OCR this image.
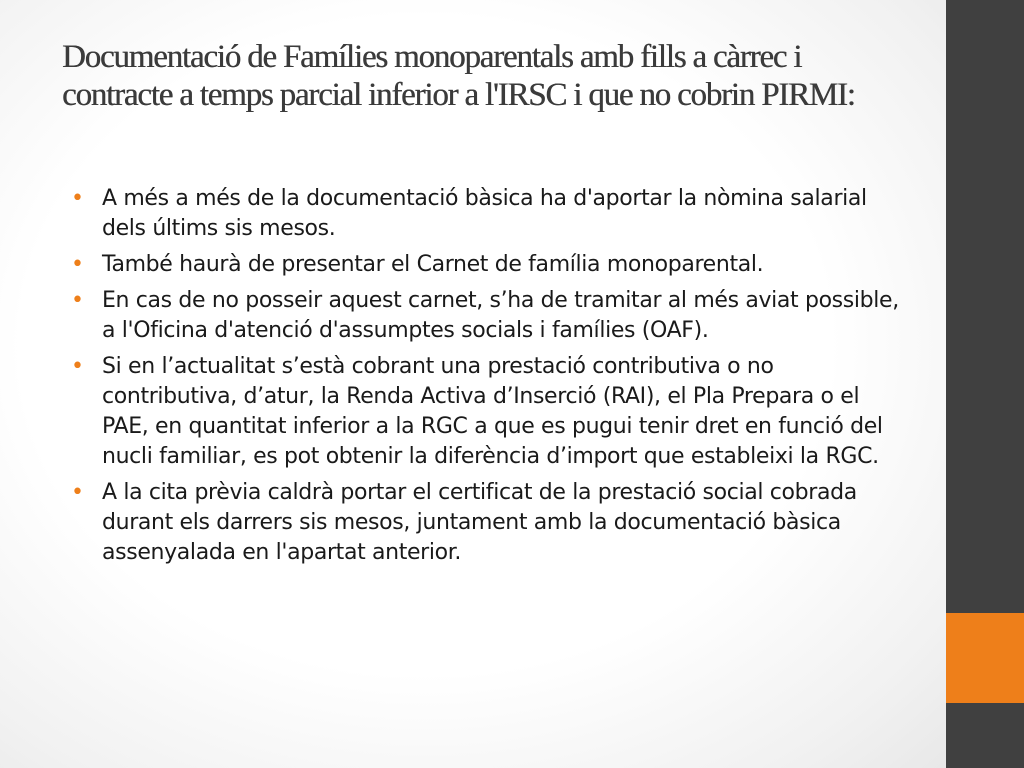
Documentació de Famílies monoparentals amb fills a càrrec i contracte a temps parcial inferior a l'IRSC i que no cobrin PIRMI:
• A més a més de la documentació bàsica ha d'aportar la nòmina salarial dels últims sis mesos.
• També haurà de presentar el Carnet de família monoparental.
• En cas de no posseir aquest carnet, s’ha de tramitar al més aviat possible, a l'Oficina d'atenció d'assumptes socials i famílies (OAF).
• Si en l’actualitat s’està cobrant una prestació contributiva o no contributiva, d’atur, la Renda Activa d’Inserció (RAI), el Pla Prepara o el PAE, en quantitat inferior a la RGC a que es pugui tenir dret en funció del nucli familiar, es pot obtenir la diferència d’import que estableixi la RGC.
• A la cita prèvia caldrà portar el certificat de la prestació social cobrada durant els darrers sis mesos, juntament amb la documentació bàsica assenyalada en l'apartat anterior.
